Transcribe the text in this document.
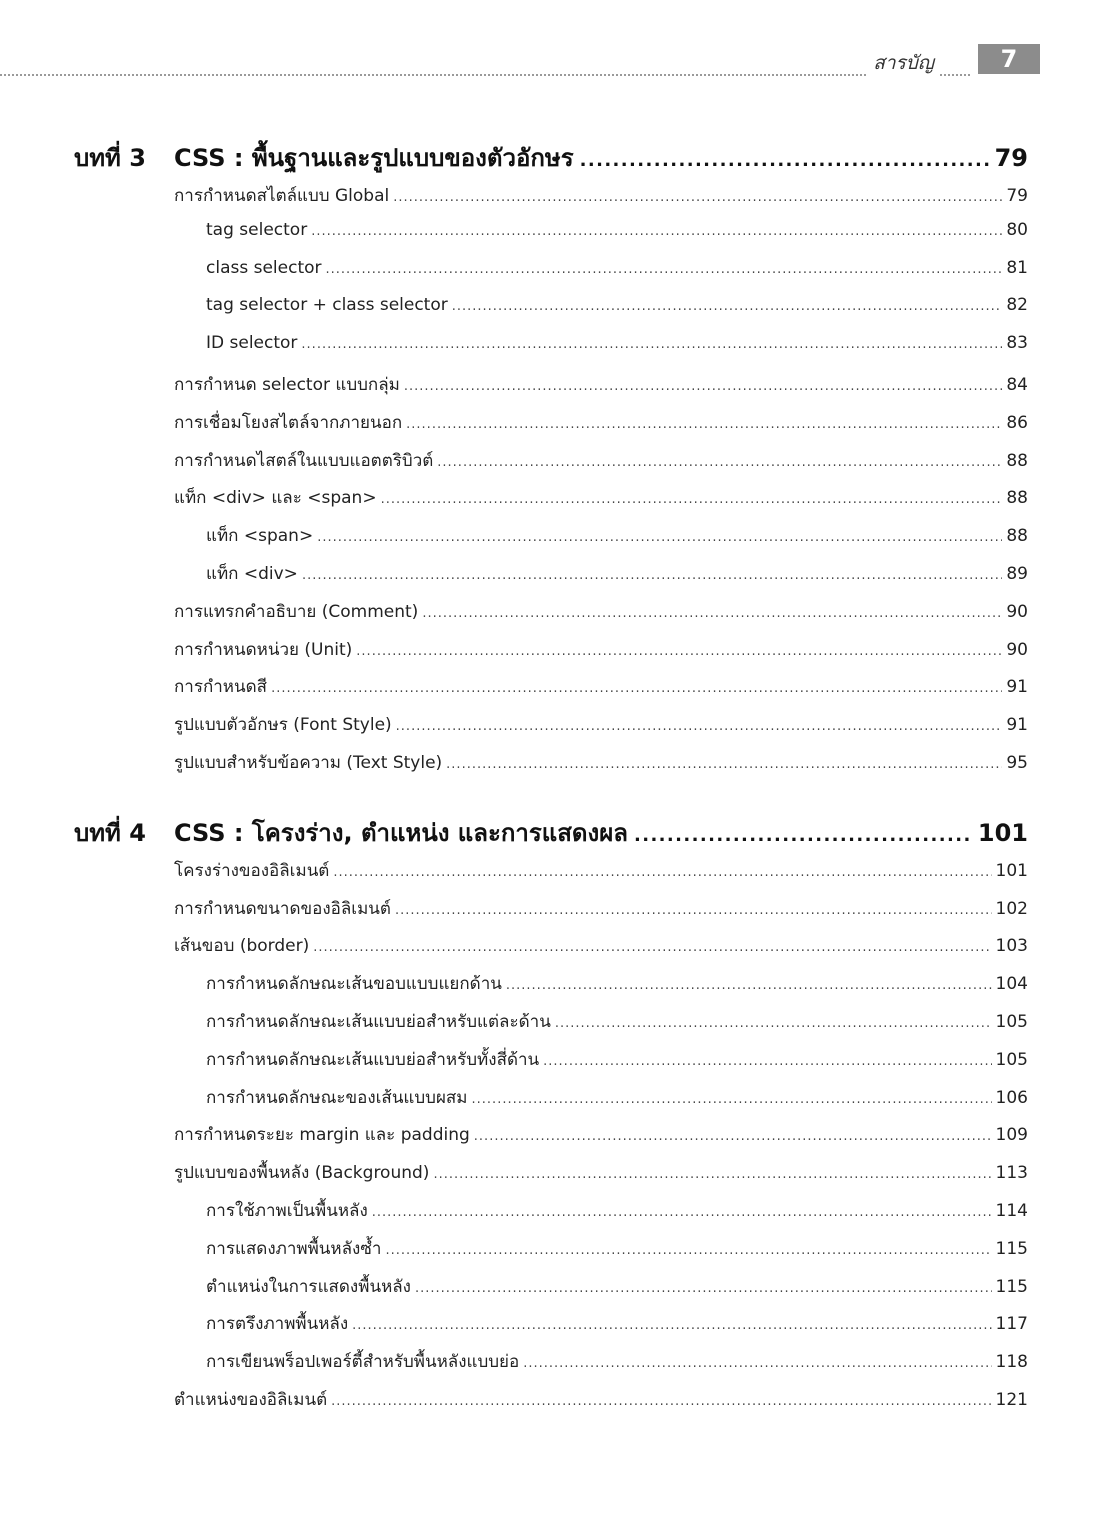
สารบัญ	7
บทที่ 3	CSS : พื้นฐานและรูปแบบของตัวอักษร .....	79
การกำหนดสไตล์แบบ Global .....	79
tag selector .....	80
class selector .....	81
tag selector + class selector .....	82
ID selector .....	83
การกำหนด selector แบบกลุ่ม .....	84
การเชื่อมโยงสไตล์จากภายนอก .....	86
การกำหนดไสตล์ในแบบแอตตริบิวต์ .....	88
แท็ก <div> และ <span> .....	88
แท็ก <span> .....	88
แท็ก <div> .....	89
การแทรกคำอธิบาย (Comment) .....	90
การกำหนดหน่วย (Unit) .....	90
การกำหนดสี .....	91
รูปแบบตัวอักษร (Font Style) .....	91
รูปแบบสำหรับข้อความ (Text Style) .....	95
บทที่ 4	CSS : โครงร่าง, ตำแหน่ง และการแสดงผล .....	101
โครงร่างของอิลิเมนต์ .....	101
การกำหนดขนาดของอิลิเมนต์ .....	102
เส้นขอบ (border) .....	103
การกำหนดลักษณะเส้นขอบแบบแยกด้าน .....	104
การกำหนดลักษณะเส้นแบบย่อสำหรับแต่ละด้าน .....	105
การกำหนดลักษณะเส้นแบบย่อสำหรับทั้งสี่ด้าน .....	105
การกำหนดลักษณะของเส้นแบบผสม .....	106
การกำหนดระยะ margin และ padding .....	109
รูปแบบของพื้นหลัง (Background) .....	113
การใช้ภาพเป็นพื้นหลัง .....	114
การแสดงภาพพื้นหลังซ้ำ .....	115
ตำแหน่งในการแสดงพื้นหลัง .....	115
การตรึงภาพพื้นหลัง .....	117
การเขียนพร็อปเพอร์ตี้สำหรับพื้นหลังแบบย่อ .....	118
ตำแหน่งของอิลิเมนต์ .....	121
